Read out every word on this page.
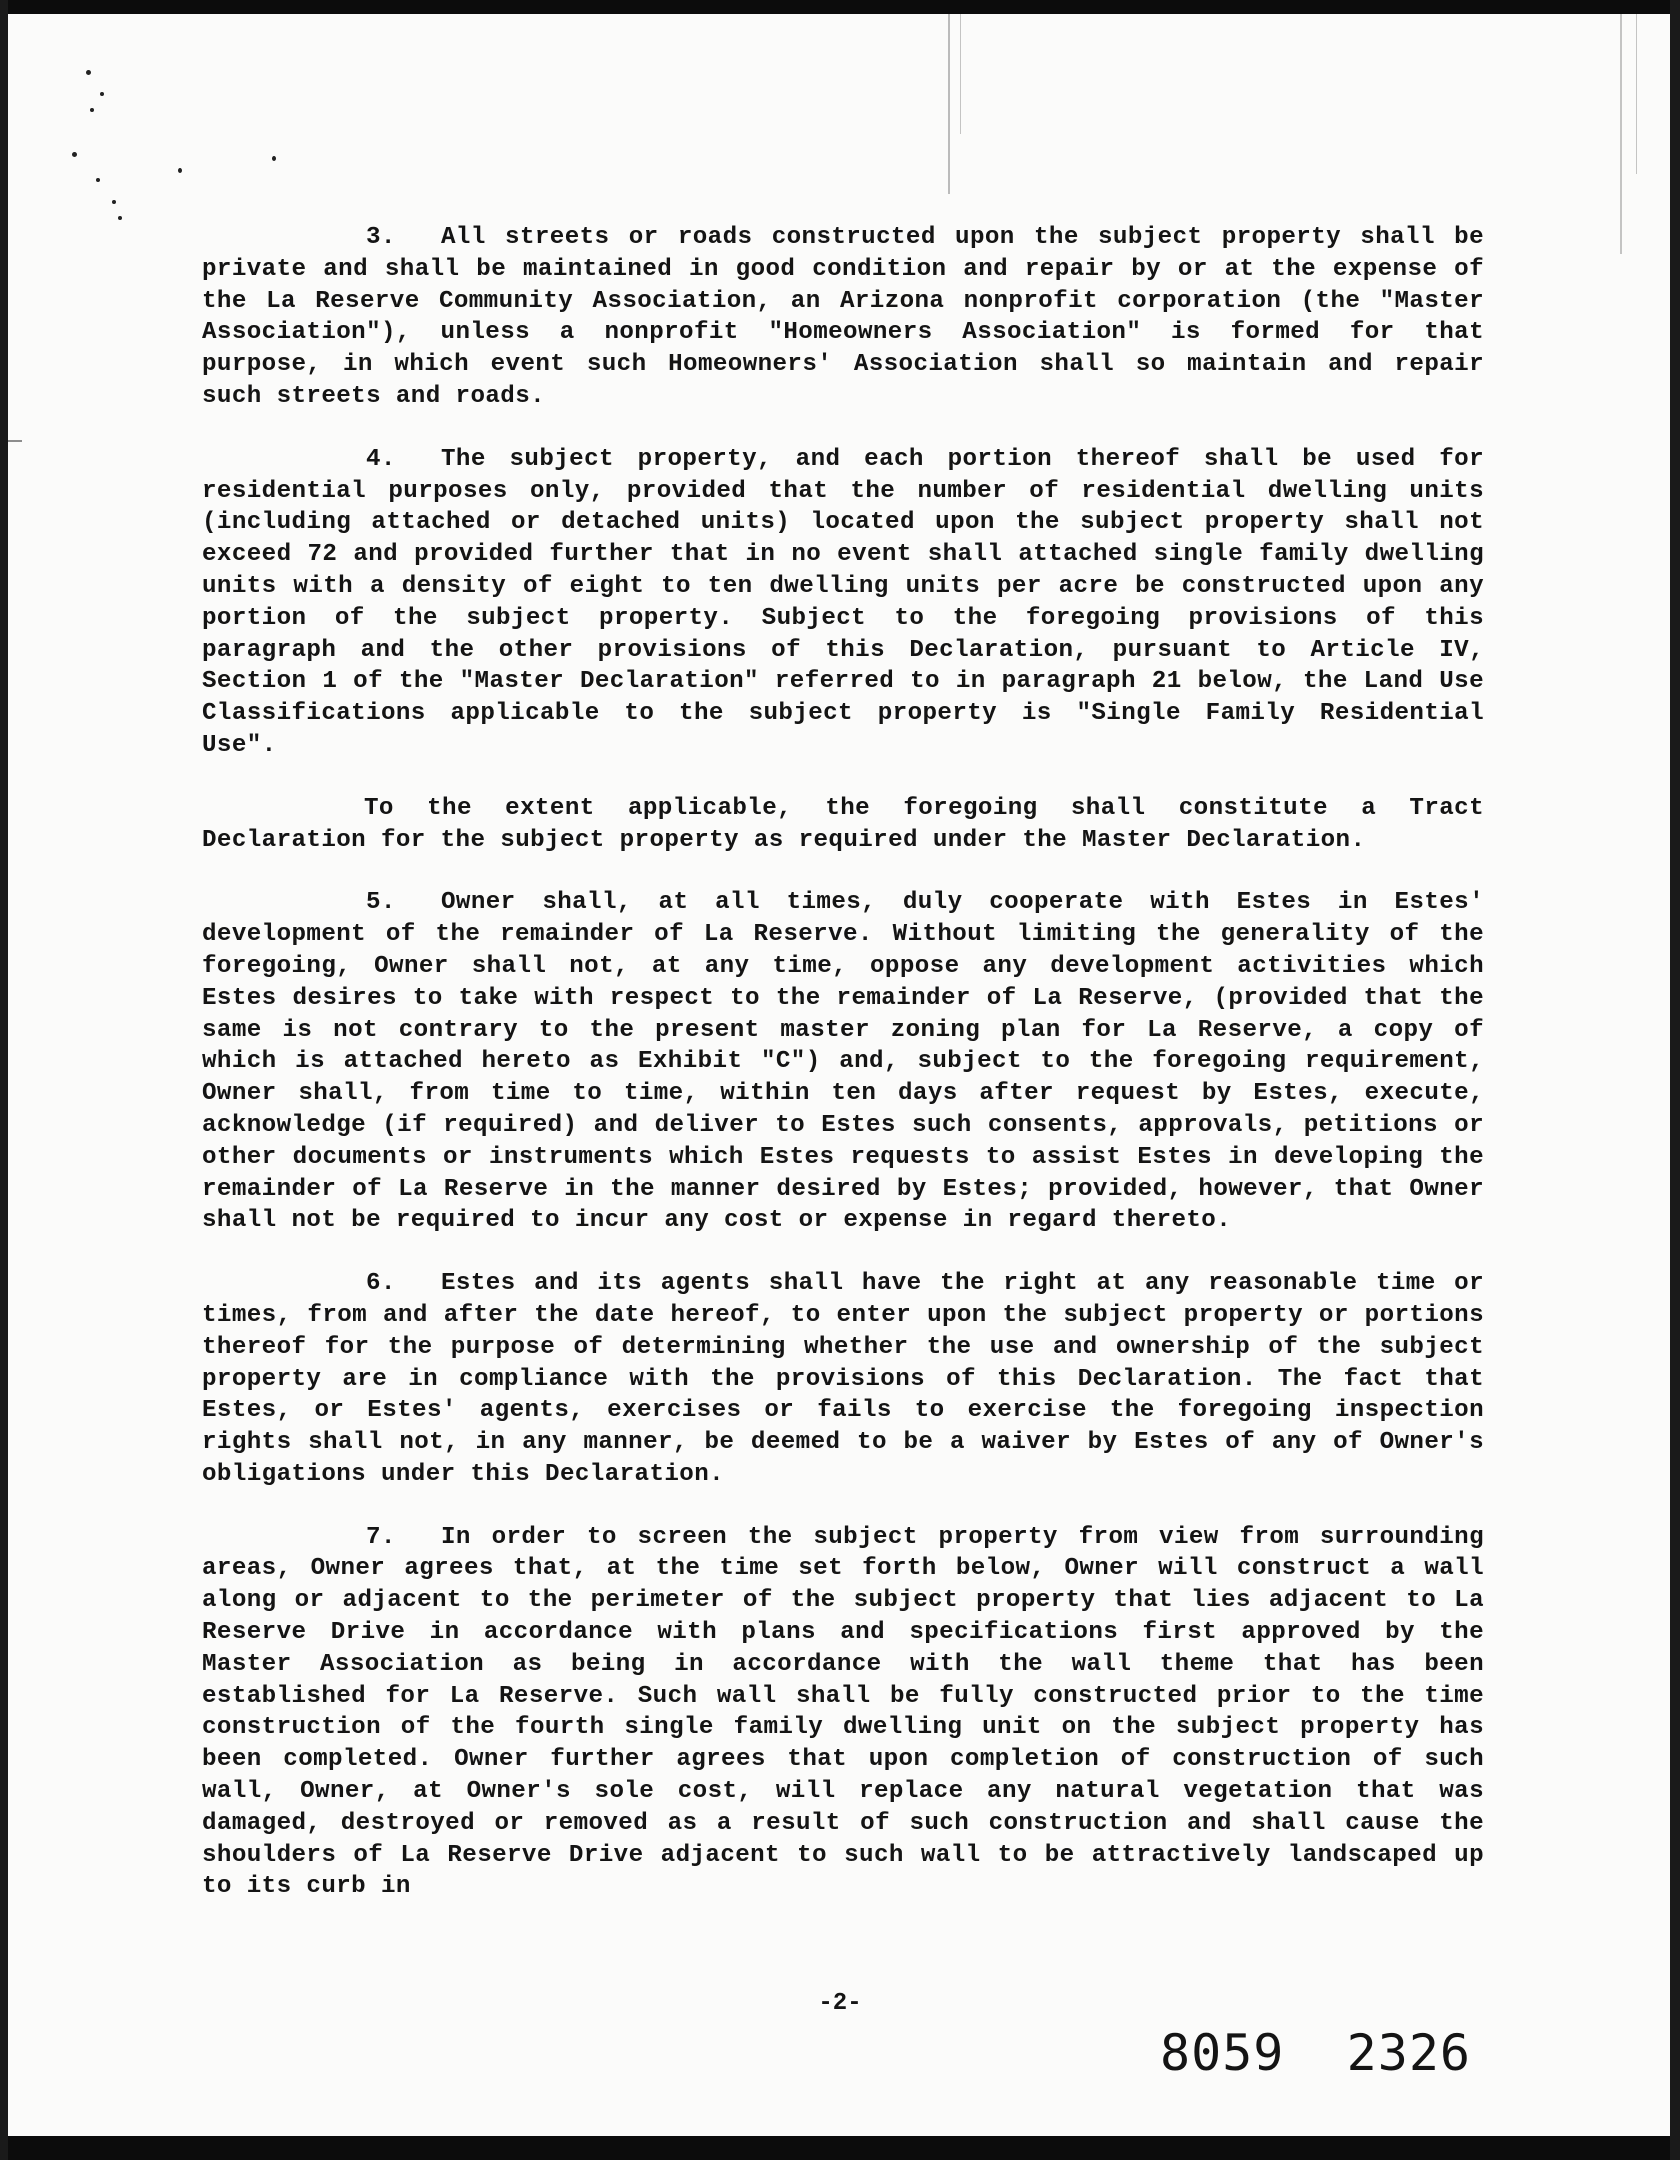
3. All streets or roads constructed upon the subject property shall be private and shall be maintained in good condition and repair by or at the expense of the La Reserve Community Association, an Arizona nonprofit corporation (the "Master Association"), unless a nonprofit "Homeowners Association" is formed for that purpose, in which event such Homeowners' Association shall so maintain and repair such streets and roads.

4. The subject property, and each portion thereof shall be used for residential purposes only, provided that the number of residential dwelling units (including attached or detached units) located upon the subject property shall not exceed 72 and provided further that in no event shall attached single family dwelling units with a density of eight to ten dwelling units per acre be constructed upon any portion of the subject property. Subject to the foregoing provisions of this paragraph and the other provisions of this Declaration, pursuant to Article IV, Section 1 of the "Master Declaration" referred to in paragraph 21 below, the Land Use Classifications applicable to the subject property is "Single Family Residential Use".

To the extent applicable, the foregoing shall constitute a Tract Declaration for the subject property as required under the Master Declaration.

5. Owner shall, at all times, duly cooperate with Estes in Estes' development of the remainder of La Reserve. Without limiting the generality of the foregoing, Owner shall not, at any time, oppose any development activities which Estes desires to take with respect to the remainder of La Reserve, (provided that the same is not contrary to the present master zoning plan for La Reserve, a copy of which is attached hereto as Exhibit "C") and, subject to the foregoing requirement, Owner shall, from time to time, within ten days after request by Estes, execute, acknowledge (if required) and deliver to Estes such consents, approvals, petitions or other documents or instruments which Estes requests to assist Estes in developing the remainder of La Reserve in the manner desired by Estes; provided, however, that Owner shall not be required to incur any cost or expense in regard thereto.

6. Estes and its agents shall have the right at any reasonable time or times, from and after the date hereof, to enter upon the subject property or portions thereof for the purpose of determining whether the use and ownership of the subject property are in compliance with the provisions of this Declaration. The fact that Estes, or Estes' agents, exercises or fails to exercise the foregoing inspection rights shall not, in any manner, be deemed to be a waiver by Estes of any of Owner's obligations under this Declaration.

7. In order to screen the subject property from view from surrounding areas, Owner agrees that, at the time set forth below, Owner will construct a wall along or adjacent to the perimeter of the subject property that lies adjacent to La Reserve Drive in accordance with plans and specifications first approved by the Master Association as being in accordance with the wall theme that has been established for La Reserve. Such wall shall be fully constructed prior to the time construction of the fourth single family dwelling unit on the subject property has been completed. Owner further agrees that upon completion of construction of such wall, Owner, at Owner's sole cost, will replace any natural vegetation that was damaged, destroyed or removed as a result of such construction and shall cause the shoulders of La Reserve Drive adjacent to such wall to be attractively landscaped up to its curb in

-2-
8059  2326
